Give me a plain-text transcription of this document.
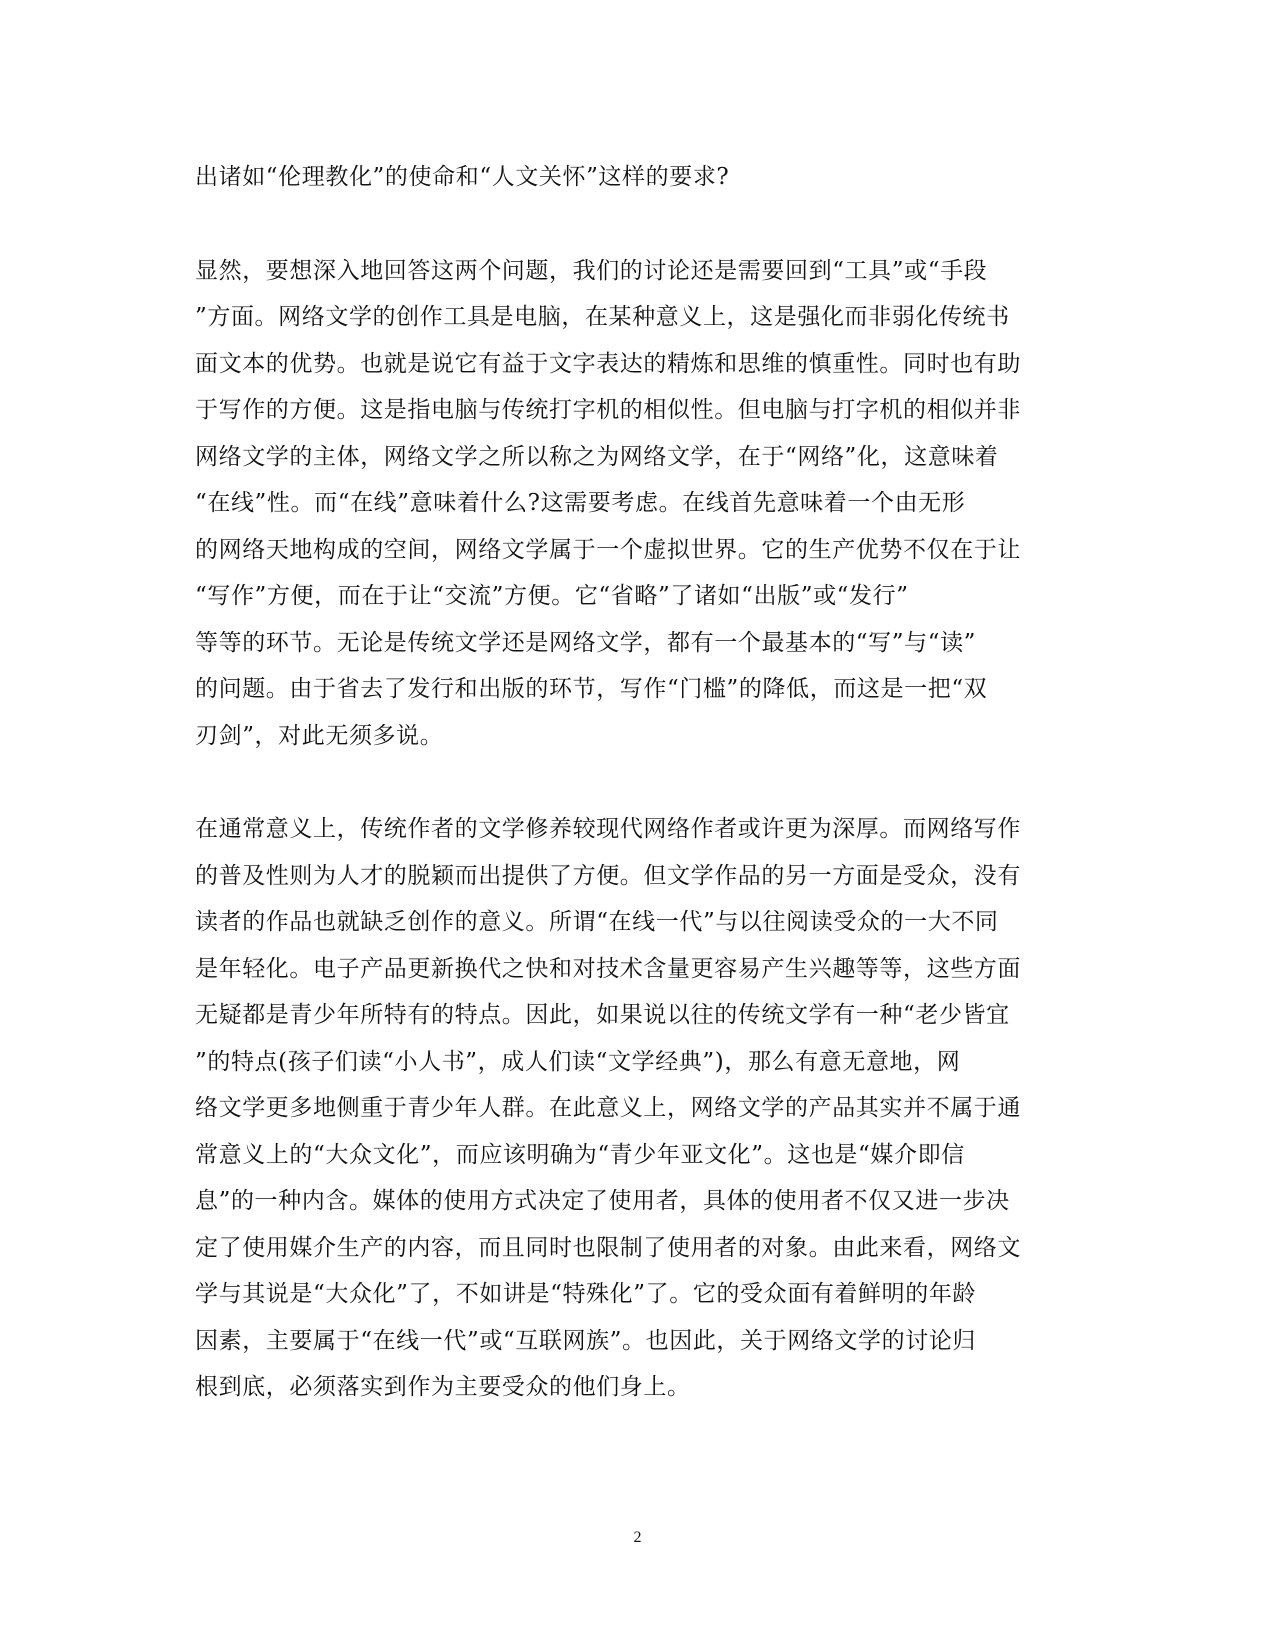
出诸如“伦理教化”的使命和“人文关怀”这样的要求?
显然，要想深入地回答这两个问题，我们的讨论还是需要回到“工具”或“手段
”方面。网络文学的创作工具是电脑，在某种意义上，这是强化而非弱化传统书
面文本的优势。也就是说它有益于文字表达的精炼和思维的慎重性。同时也有助
于写作的方便。这是指电脑与传统打字机的相似性。但电脑与打字机的相似并非
网络文学的主体，网络文学之所以称之为网络文学，在于“网络”化，这意味着
“在线”性。而“在线”意味着什么?这需要考虑。在线首先意味着一个由无形
的网络天地构成的空间，网络文学属于一个虚拟世界。它的生产优势不仅在于让
“写作”方便，而在于让“交流”方便。它“省略”了诸如“出版”或“发行”
等等的环节。无论是传统文学还是网络文学，都有一个最基本的“写”与“读”
的问题。由于省去了发行和出版的环节，写作“门槛”的降低，而这是一把“双
刃剑”，对此无须多说。
在通常意义上，传统作者的文学修养较现代网络作者或许更为深厚。而网络写作
的普及性则为人才的脱颖而出提供了方便。但文学作品的另一方面是受众，没有
读者的作品也就缺乏创作的意义。所谓“在线一代”与以往阅读受众的一大不同
是年轻化。电子产品更新换代之快和对技术含量更容易产生兴趣等等，这些方面
无疑都是青少年所特有的特点。因此，如果说以往的传统文学有一种“老少皆宜
”的特点(孩子们读“小人书”，成人们读“文学经典”)，那么有意无意地，网
络文学更多地侧重于青少年人群。在此意义上，网络文学的产品其实并不属于通
常意义上的“大众文化”，而应该明确为“青少年亚文化”。这也是“媒介即信
息”的一种内含。媒体的使用方式决定了使用者，具体的使用者不仅又进一步决
定了使用媒介生产的内容，而且同时也限制了使用者的对象。由此来看，网络文
学与其说是“大众化”了，不如讲是“特殊化”了。它的受众面有着鲜明的年龄
因素，主要属于“在线一代”或“互联网族”。也因此，关于网络文学的讨论归
根到底，必须落实到作为主要受众的他们身上。
2
